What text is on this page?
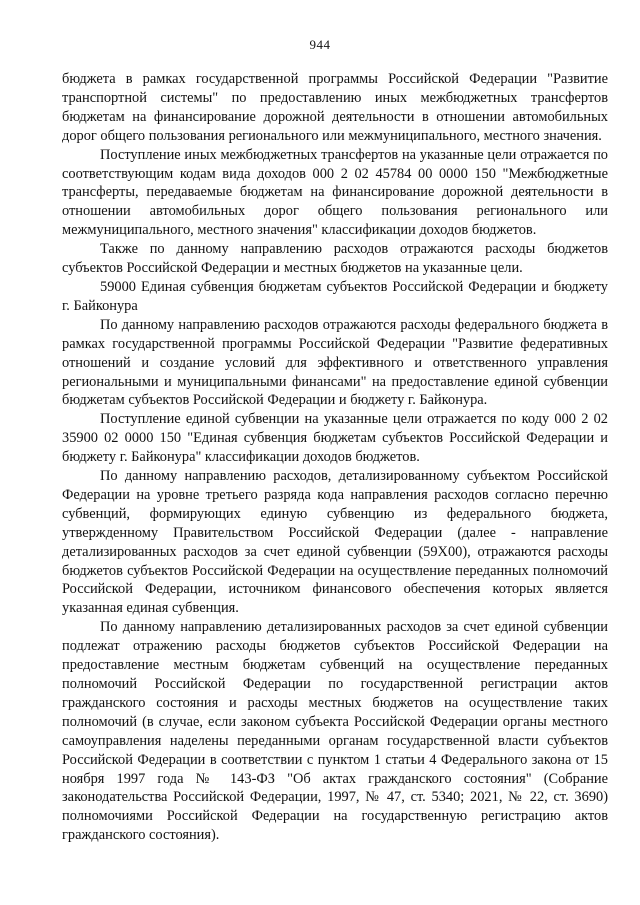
944

бюджета в рамках государственной программы Российской Федерации "Развитие транспортной системы" по предоставлению иных межбюджетных трансфертов бюджетам на финансирование дорожной деятельности в отношении автомобильных дорог общего пользования регионального или межмуниципального, местного значения.

Поступление иных межбюджетных трансфертов на указанные цели отражается по соответствующим кодам вида доходов 000 2 02 45784 00 0000 150 "Межбюджетные трансферты, передаваемые бюджетам на финансирование дорожной деятельности в отношении автомобильных дорог общего пользования регионального или межмуниципального, местного значения" классификации доходов бюджетов.

Также по данному направлению расходов отражаются расходы бюджетов субъектов Российской Федерации и местных бюджетов на указанные цели.

59000 Единая субвенция бюджетам субъектов Российской Федерации и бюджету г. Байконура

По данному направлению расходов отражаются расходы федерального бюджета в рамках государственной программы Российской Федерации "Развитие федеративных отношений и создание условий для эффективного и ответственного управления региональными и муниципальными финансами" на предоставление единой субвенции бюджетам субъектов Российской Федерации и бюджету г. Байконура.

Поступление единой субвенции на указанные цели отражается по коду 000 2 02 35900 02 0000 150 "Единая субвенция бюджетам субъектов Российской Федерации и бюджету г. Байконура" классификации доходов бюджетов.

По данному направлению расходов, детализированному субъектом Российской Федерации на уровне третьего разряда кода направления расходов согласно перечню субвенций, формирующих единую субвенцию из федерального бюджета, утвержденному Правительством Российской Федерации (далее - направление детализированных расходов за счет единой субвенции (59Х00), отражаются расходы бюджетов субъектов Российской Федерации на осуществление переданных полномочий Российской Федерации, источником финансового обеспечения которых является указанная единая субвенция.

По данному направлению детализированных расходов за счет единой субвенции подлежат отражению расходы бюджетов субъектов Российской Федерации на предоставление местным бюджетам субвенций на осуществление переданных полномочий Российской Федерации по государственной регистрации актов гражданского состояния и расходы местных бюджетов на осуществление таких полномочий (в случае, если законом субъекта Российской Федерации органы местного самоуправления наделены переданными органам государственной власти субъектов Российской Федерации в соответствии с пунктом 1 статьи 4 Федерального закона от 15 ноября 1997 года № 143-ФЗ "Об актах гражданского состояния" (Собрание законодательства Российской Федерации, 1997, № 47, ст. 5340; 2021, № 22, ст. 3690) полномочиями Российской Федерации на государственную регистрацию актов гражданского состояния).
